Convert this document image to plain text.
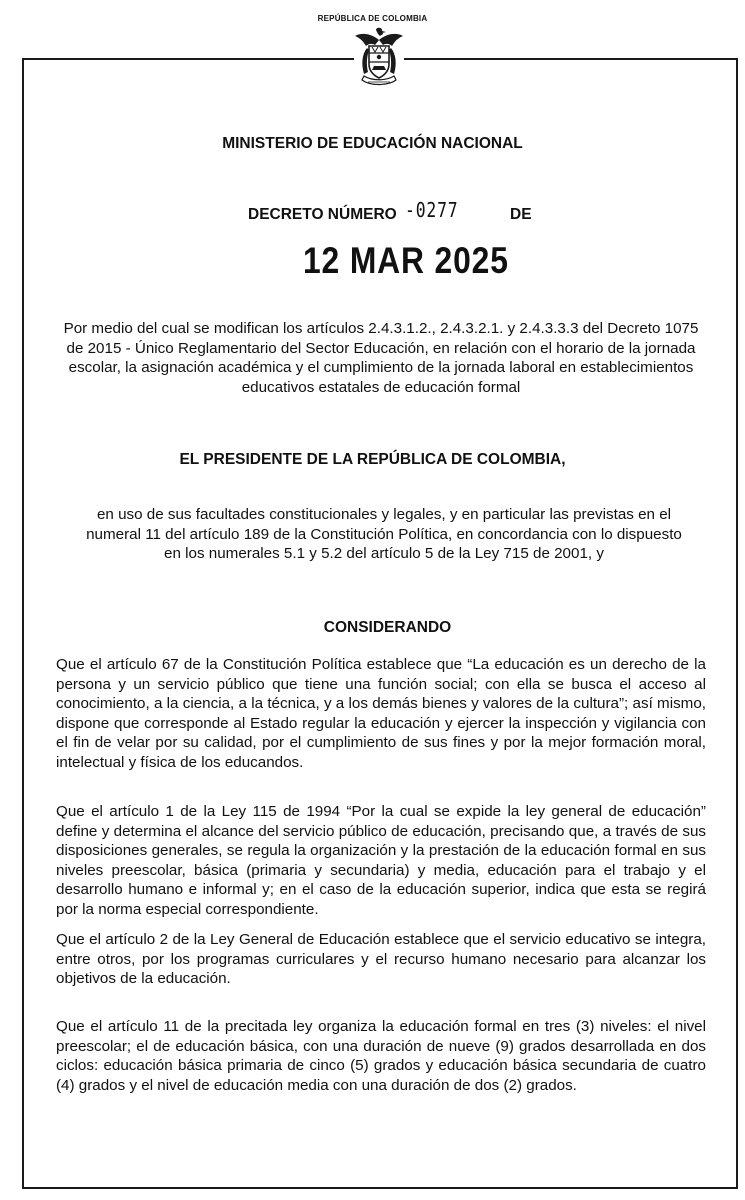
REPÚBLICA DE COLOMBIA
MINISTERIO DE EDUCACIÓN NACIONAL
DECRETO NÚMERO -0277	DE
12 MAR 2025
Por medio del cual se modifican los artículos 2.4.3.1.2., 2.4.3.2.1. y 2.4.3.3.3 del Decreto 1075 de 2015 - Único Reglamentario del Sector Educación, en relación con el horario de la jornada escolar, la asignación académica y el cumplimiento de la jornada laboral en establecimientos educativos estatales de educación formal
EL PRESIDENTE DE LA REPÚBLICA DE COLOMBIA,
en uso de sus facultades constitucionales y legales, y en particular las previstas en el numeral 11 del artículo 189 de la Constitución Política, en concordancia con lo dispuesto en los numerales 5.1 y 5.2 del artículo 5 de la Ley 715 de 2001, y
CONSIDERANDO
Que el artículo 67 de la Constitución Política establece que “La educación es un derecho de la persona y un servicio público que tiene una función social; con ella se busca el acceso al conocimiento, a la ciencia, a la técnica, y a los demás bienes y valores de la cultura”; así mismo, dispone que corresponde al Estado regular la educación y ejercer la inspección y vigilancia con el fin de velar por su calidad, por el cumplimiento de sus fines y por la mejor formación moral, intelectual y física de los educandos.
Que el artículo 1 de la Ley 115 de 1994 “Por la cual se expide la ley general de educación” define y determina el alcance del servicio público de educación, precisando que, a través de sus disposiciones generales, se regula la organización y la prestación de la educación formal en sus niveles preescolar, básica (primaria y secundaria) y media, educación para el trabajo y el desarrollo humano e informal y; en el caso de la educación superior, indica que esta se regirá por la norma especial correspondiente.
Que el artículo 2 de la Ley General de Educación establece que el servicio educativo se integra, entre otros, por los programas curriculares y el recurso humano necesario para alcanzar los objetivos de la educación.
Que el artículo 11 de la precitada ley organiza la educación formal en tres (3) niveles: el nivel preescolar; el de educación básica, con una duración de nueve (9) grados desarrollada en dos ciclos: educación básica primaria de cinco (5) grados y educación básica secundaria de cuatro (4) grados y el nivel de educación media con una duración de dos (2) grados.
